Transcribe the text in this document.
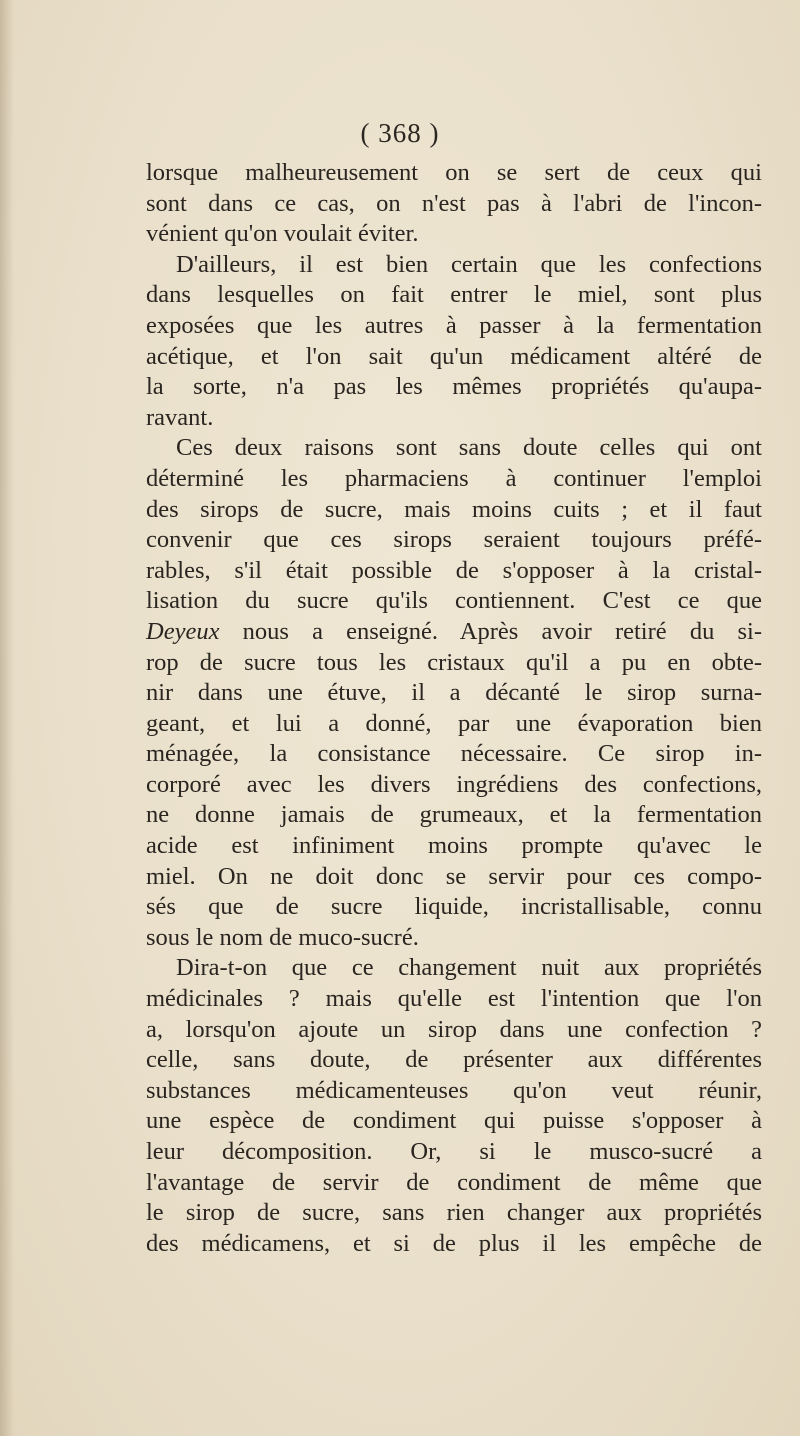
( 368 )
lorsque malheureusement on se sert de ceux qui
sont dans ce cas, on n'est pas à l'abri de l'incon-
vénient qu'on voulait éviter.
D'ailleurs, il est bien certain que les confections
dans lesquelles on fait entrer le miel, sont plus
exposées que les autres à passer à la fermentation
acétique, et l'on sait qu'un médicament altéré de
la sorte, n'a pas les mêmes propriétés qu'aupa-
ravant.
Ces deux raisons sont sans doute celles qui ont
déterminé les pharmaciens à continuer l'emploi
des sirops de sucre, mais moins cuits ; et il faut
convenir que ces sirops seraient toujours préfé-
rables, s'il était possible de s'opposer à la cristal-
lisation du sucre qu'ils contiennent. C'est ce que
Deyeux nous a enseigné. Après avoir retiré du si-
rop de sucre tous les cristaux qu'il a pu en obte-
nir dans une étuve, il a décanté le sirop surna-
geant, et lui a donné, par une évaporation bien
ménagée, la consistance nécessaire. Ce sirop in-
corporé avec les divers ingrédiens des confections,
ne donne jamais de grumeaux, et la fermentation
acide est infiniment moins prompte qu'avec le
miel. On ne doit donc se servir pour ces compo-
sés que de sucre liquide, incristallisable, connu
sous le nom de muco-sucré.
Dira-t-on que ce changement nuit aux propriétés
médicinales ? mais qu'elle est l'intention que l'on
a, lorsqu'on ajoute un sirop dans une confection ?
celle, sans doute, de présenter aux différentes
substances médicamenteuses qu'on veut réunir,
une espèce de condiment qui puisse s'opposer à
leur décomposition. Or, si le musco-sucré a
l'avantage de servir de condiment de même que
le sirop de sucre, sans rien changer aux propriétés
des médicamens, et si de plus il les empêche de
